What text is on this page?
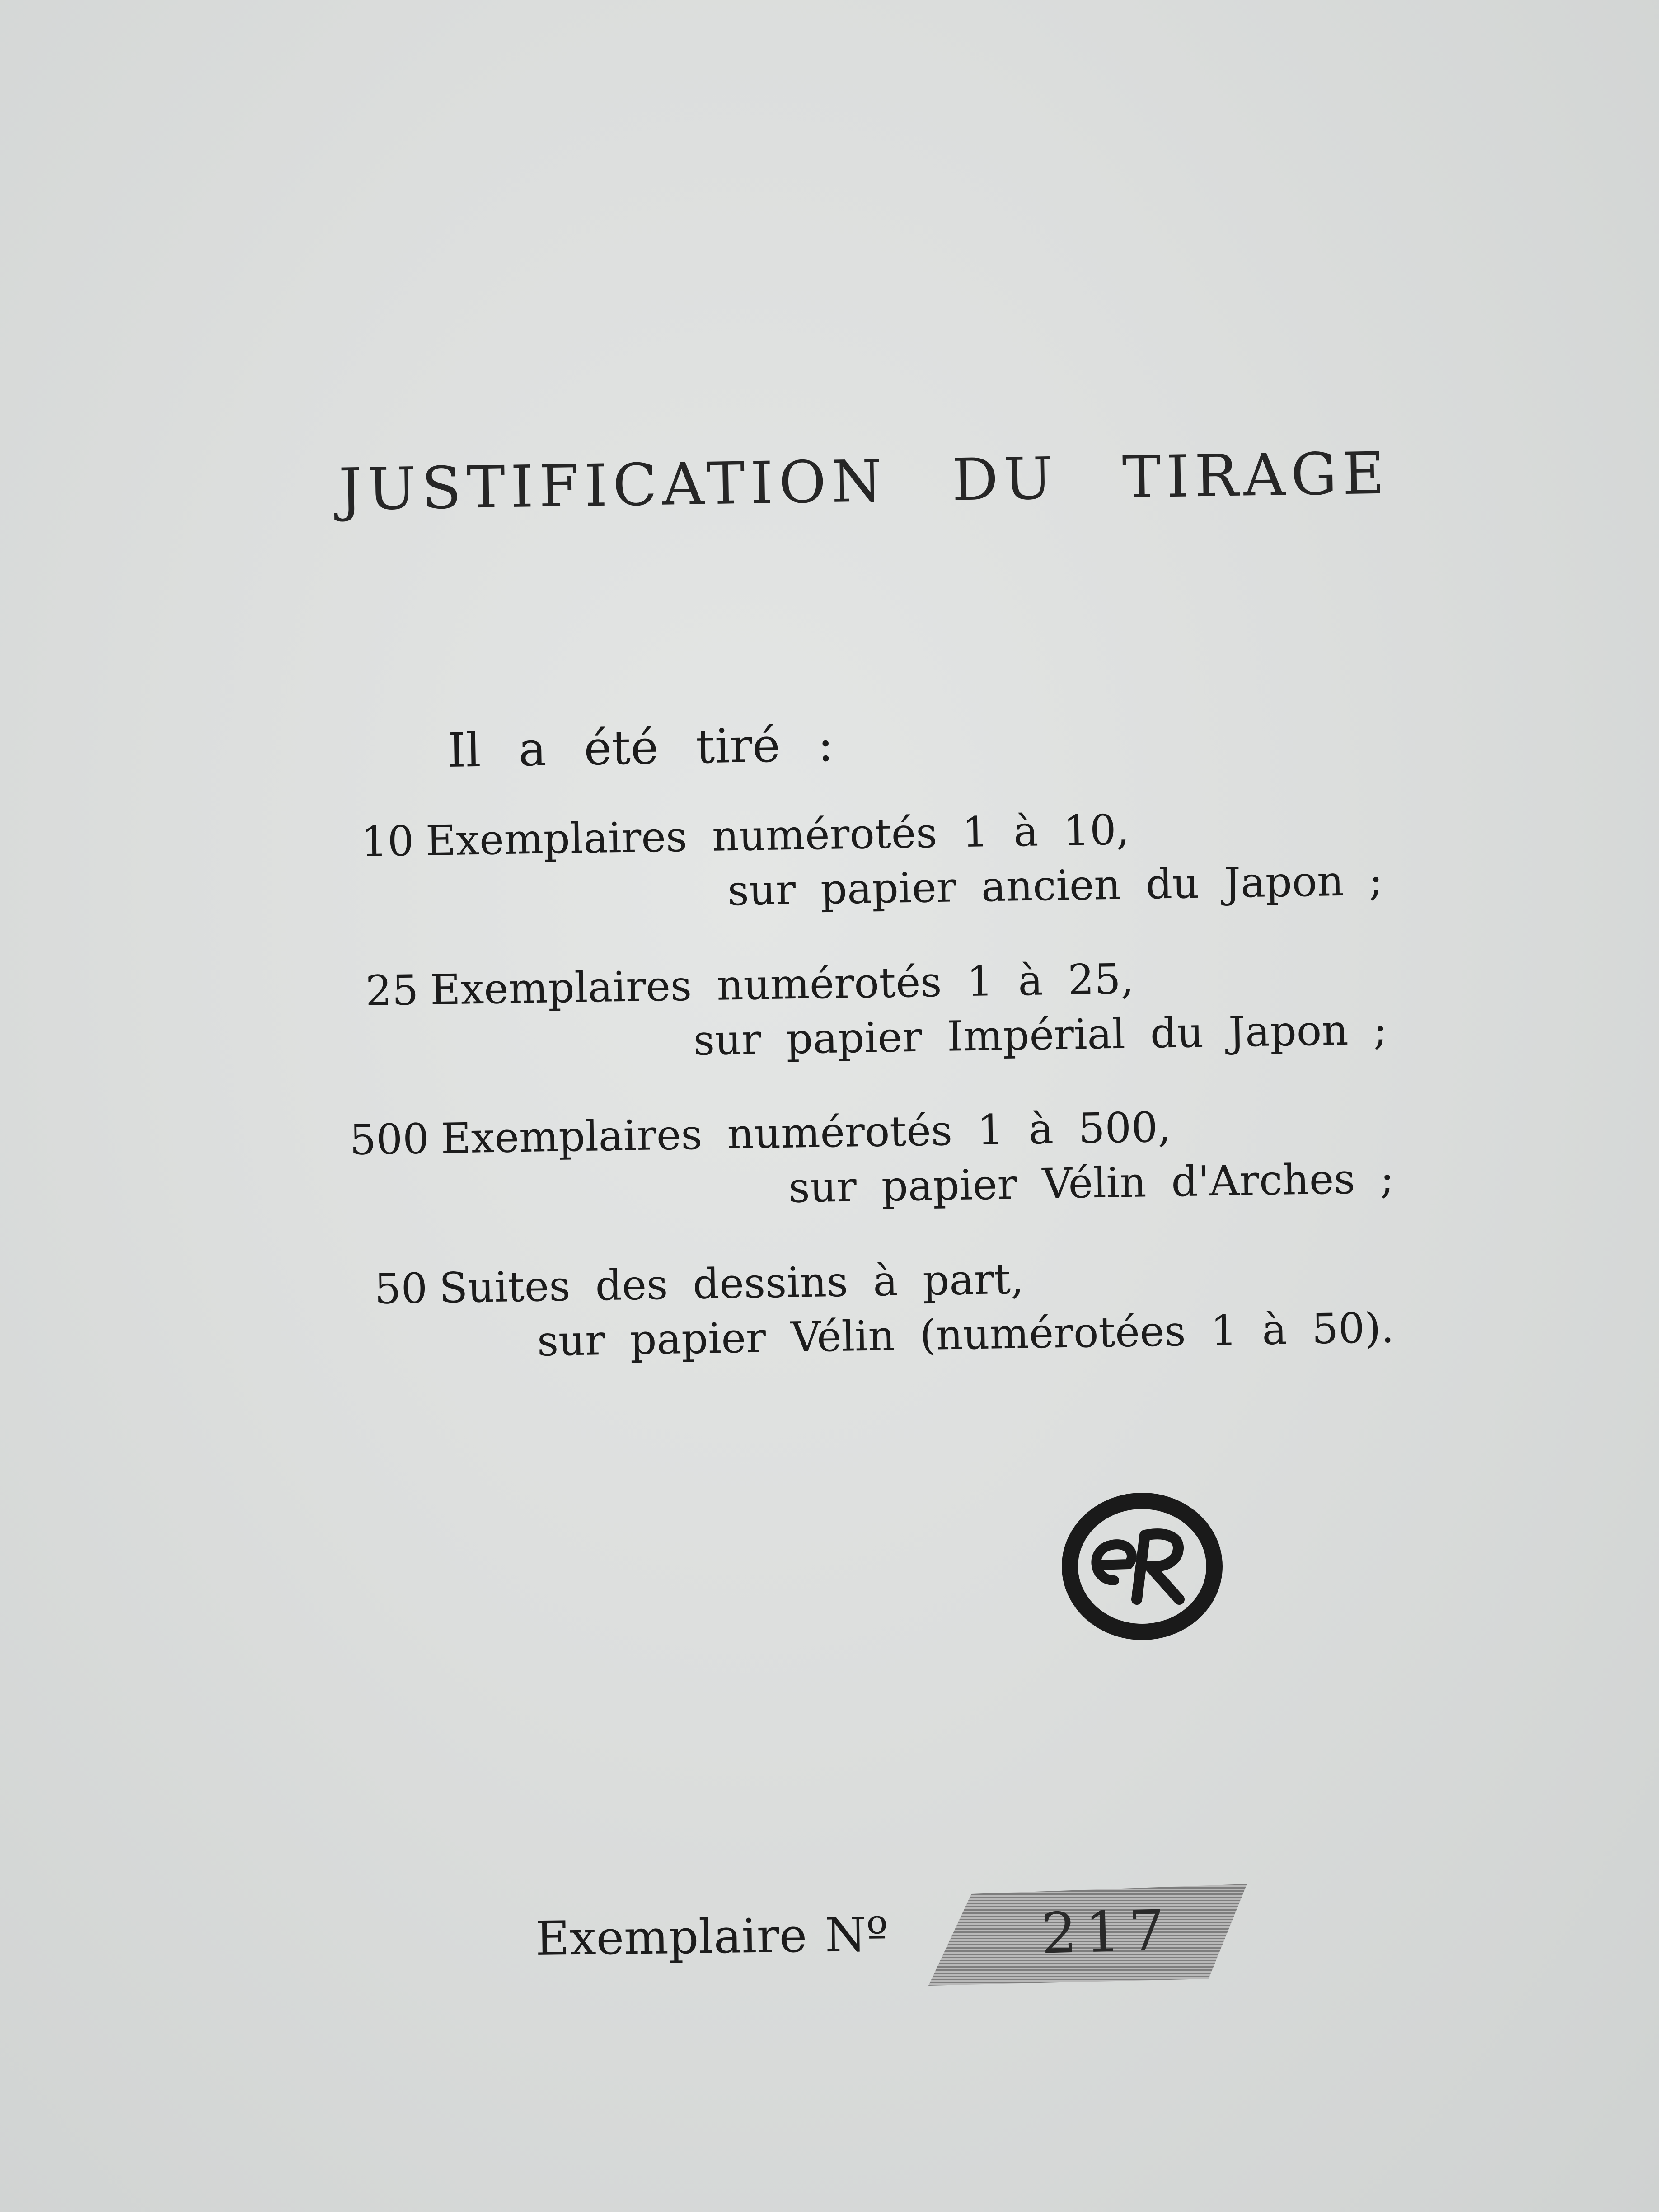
JUSTIFICATION DU TIRAGE
Il a été tiré :
10 Exemplaires numérotés 1 à 10,
sur papier ancien du Japon ;
25 Exemplaires numérotés 1 à 25,
sur papier Impérial du Japon ;
500 Exemplaires numérotés 1 à 500,
sur papier Vélin d'Arches ;
50 Suites des dessins à part,
sur papier Vélin (numérotées 1 à 50).
Exemplaire Nº	217
